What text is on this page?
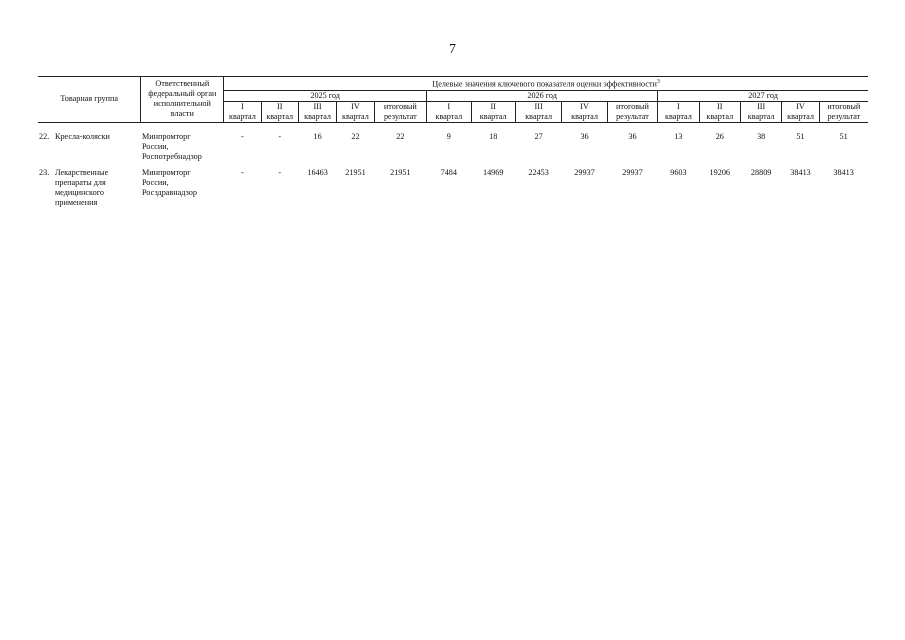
7
Товарная группа	Ответственный
федеральный орган
исполнительной
власти	Целевые значения ключевого показателя оценки эффективности$^3$
		2025 год					2026 год					2027 год				
		I	II	III	IV	итоговый	I	II	III	IV	итоговый	I	II	III	IV	итоговый
		квартал	квартал	квартал	квартал	результат	квартал	квартал	квартал	квартал	результат	квартал	квартал	квартал	квартал	результат

22. Кресла-коляски	Минпромторг
России,
Роспотребнадзор	-	-	16	22	22	9	18	27	36	36	13	26	38	51	51
23. Лекарственные препараты для медицинского применения	Минпромторг
России,
Росздравнадзор	-	-	16463	21951	21951	7484	14969	22453	29937	29937	9603	19206	28809	38413	38413
